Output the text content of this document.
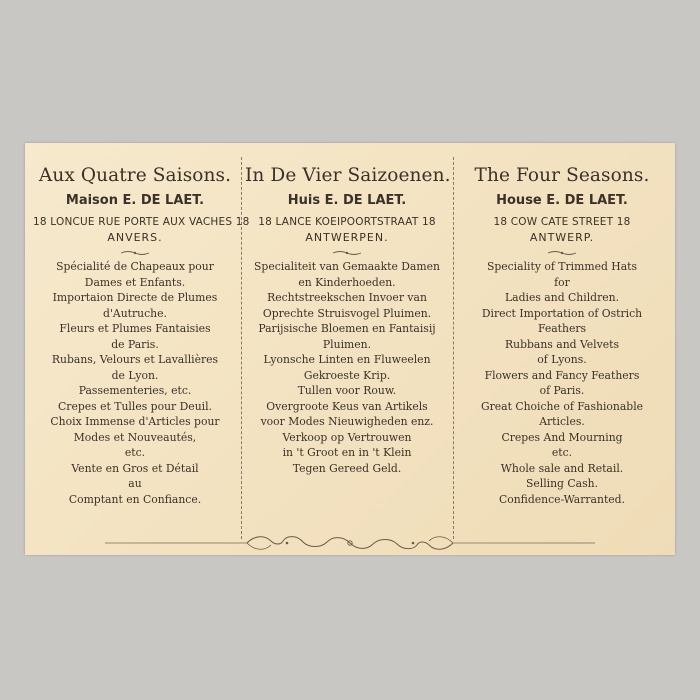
Aux Quatre Saisons.
Maison E. DE LAET.
18 LONCUE RUE PORTE AUX VACHES 18
ANVERS.
Spécialité de Chapeaux pour
Dames et Enfants.
Importaion Directe de Plumes
d'Autruche.
Fleurs et Plumes Fantaisies
de Paris.
Rubans, Velours et Lavallières
de Lyon.
Passementeries, etc.
Crepes et Tulles pour Deuil.
Choix Immense d'Articles pour
Modes et Nouveautés,
etc.
Vente en Gros et Détail
au
Comptant en Confiance.
In De Vier Saizoenen.
Huis E. DE LAET.
18 LANCE KOEIPOORTSTRAAT 18
ANTWERPEN.
Specialiteit van Gemaakte Damen
en Kinderhoeden.
Rechtstreekschen Invoer van
Oprechte Struisvogel Pluimen.
Parijsische Bloemen en Fantaisij
Pluimen.
Lyonsche Linten en Fluweelen
Gekroeste Krip.
Tullen voor Rouw.
Overgroote Keus van Artikels
voor Modes Nieuwigheden enz.
Verkoop op Vertrouwen
in 't Groot en in 't Klein
Tegen Gereed Geld.
The Four Seasons.
House E. DE LAET.
18 COW CATE STREET 18
ANTWERP.
Speciality of Trimmed Hats
for
Ladies and Children.
Direct Importation of Ostrich
Feathers
Rubbans and Velvets
of Lyons.
Flowers and Fancy Feathers
of Paris.
Great Choiche of Fashionable
Articles.
Crepes And Mourning
etc.
Whole sale and Retail.
Selling Cash.
Confidence-Warranted.
